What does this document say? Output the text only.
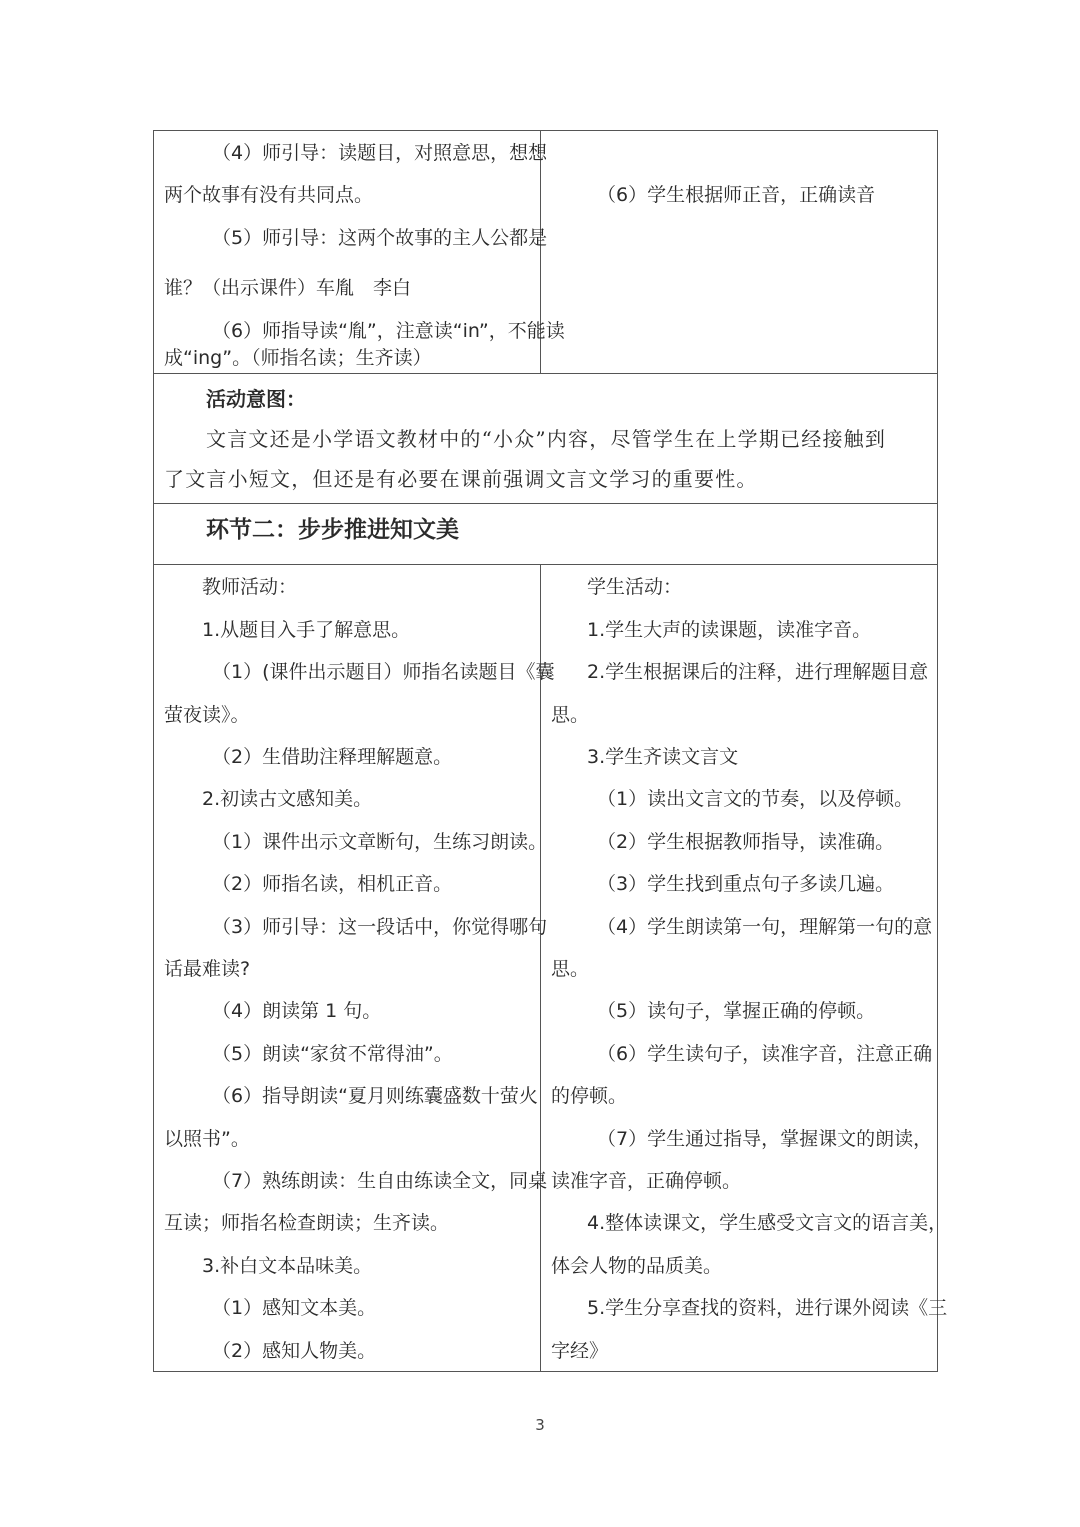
（4）师引导：读题目，对照意思，想想
两个故事有没有共同点。
（5）师引导：这两个故事的主人公都是
谁？（出示课件）车胤　李白
（6）师指导读“胤”，注意读“in”，不能读
成“ing”。（师指名读；生齐读）
（6）学生根据师正音，正确读音
活动意图：
文言文还是小学语文教材中的“小众”内容，尽管学生在上学期已经接触到
了文言小短文，但还是有必要在课前强调文言文学习的重要性。
环节二：步步推进知文美
教师活动：
1.从题目入手了解意思。
（1）(课件出示题目）师指名读题目《囊
萤夜读》。
（2）生借助注释理解题意。
2.初读古文感知美。
（1）课件出示文章断句，生练习朗读。
（2）师指名读，相机正音。
（3）师引导：这一段话中，你觉得哪句
话最难读?
（4）朗读第 1 句。
（5）朗读“家贫不常得油”。
（6）指导朗读“夏月则练囊盛数十萤火
以照书”。
（7）熟练朗读：生自由练读全文，同桌
互读；师指名检查朗读；生齐读。
3.补白文本品味美。
（1）感知文本美。
（2）感知人物美。
学生活动：
1.学生大声的读课题，读准字音。
2.学生根据课后的注释，进行理解题目意
思。
3.学生齐读文言文
（1）读出文言文的节奏，以及停顿。
（2）学生根据教师指导，读准确。
（3）学生找到重点句子多读几遍。
（4）学生朗读第一句，理解第一句的意
思。
（5）读句子，掌握正确的停顿。
（6）学生读句子，读准字音，注意正确
的停顿。
（7）学生通过指导，掌握课文的朗读，
读准字音，正确停顿。
4.整体读课文，学生感受文言文的语言美，
体会人物的品质美。
5.学生分享查找的资料，进行课外阅读《三
字经》
3
